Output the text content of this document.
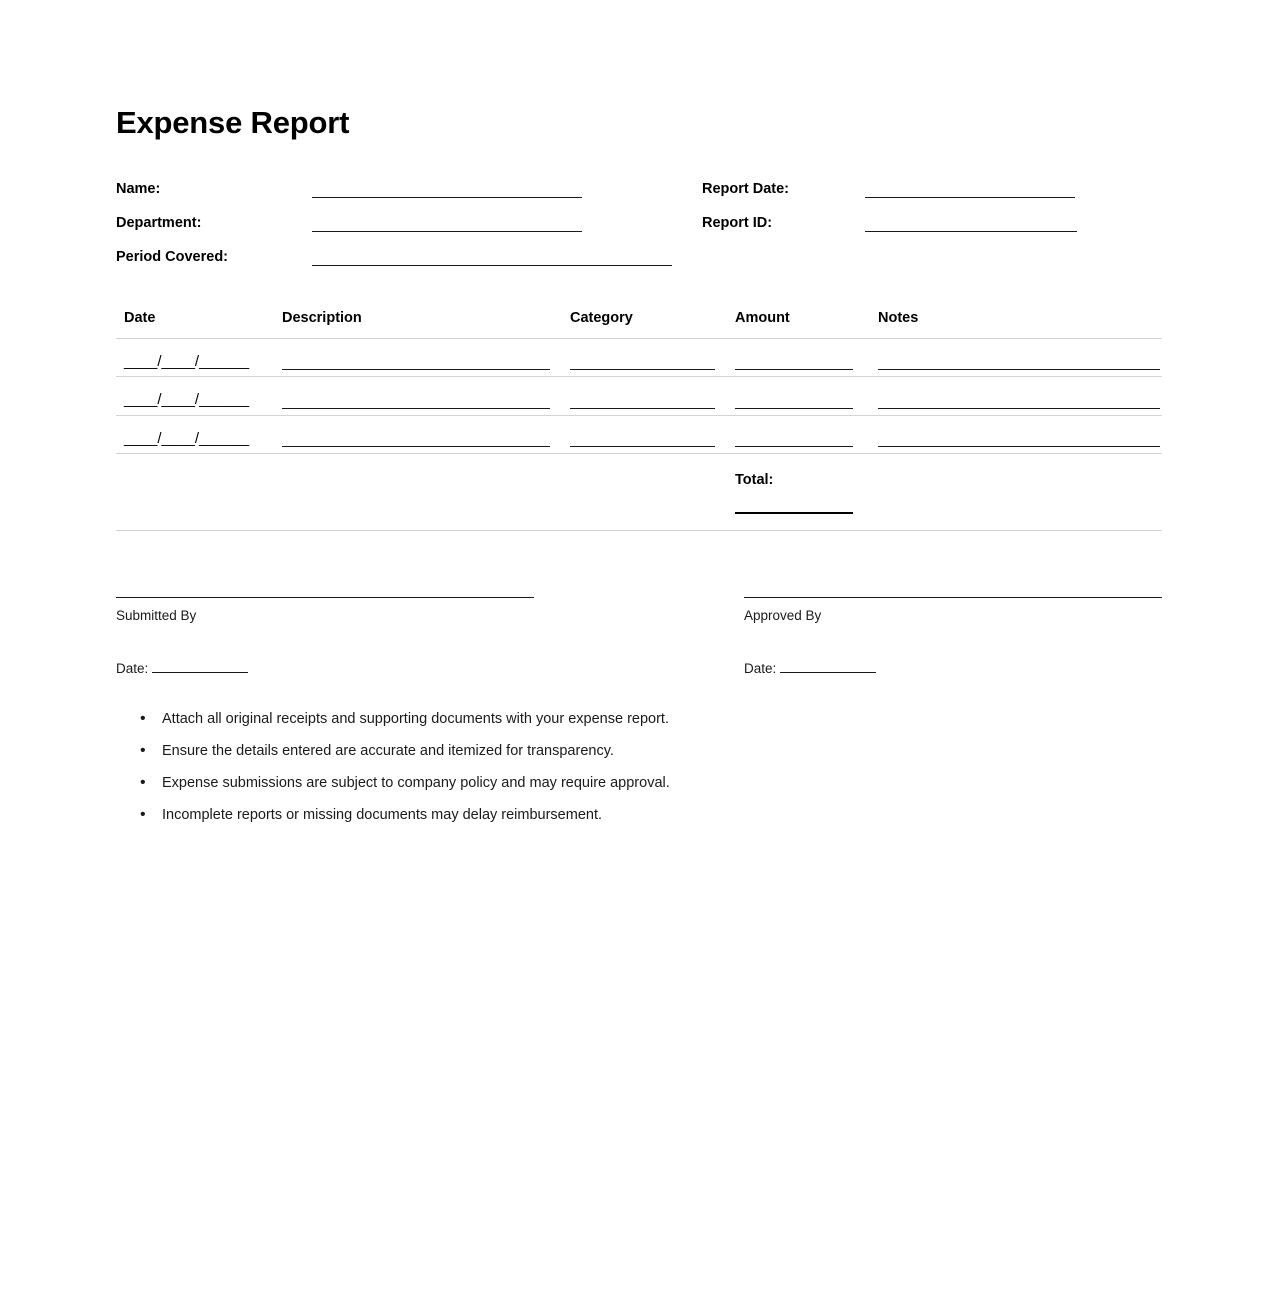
Expense Report
Name:	Report Date:
Department:	Report ID:
Period Covered:
Date	Description	Category	Amount	Notes
____/____/______	

____/____/______	

____/____/______	

			Total:	

Submitted By
Date:
Approved By
Date:
• Attach all original receipts and supporting documents with your expense report.
• Ensure the details entered are accurate and itemized for transparency.
• Expense submissions are subject to company policy and may require approval.
• Incomplete reports or missing documents may delay reimbursement.
